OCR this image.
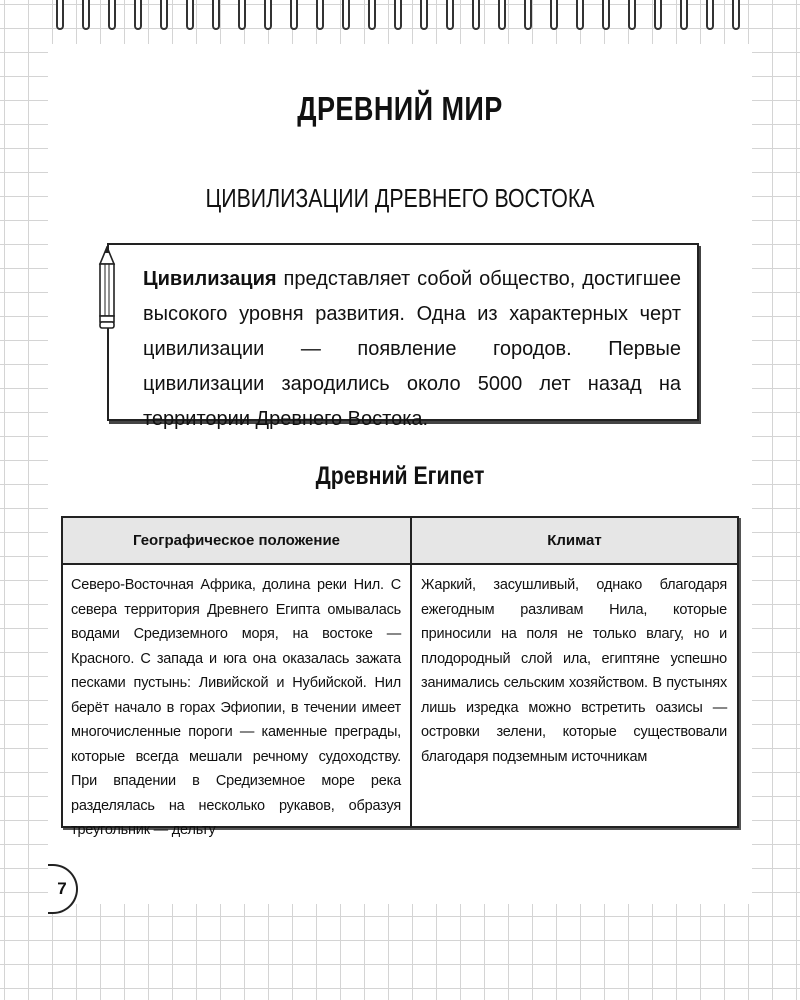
ДРЕВНИЙ МИР
ЦИВИЛИЗАЦИИ ДРЕВНЕГО ВОСТОКА
Цивилизация представляет собой общество, достигшее высокого уровня развития. Одна из характерных черт цивилизации — появление городов. Первые цивилизации зародились около 5000 лет назад на территории Древнего Востока.
Древний Египет
Географическое положение	Климат
Северо-Восточная Африка, долина реки Нил. С севера территория Древнего Египта омывалась водами Средиземного моря, на востоке — Красного. С запада и юга она оказалась зажата песками пустынь: Ливийской и Нубийской. Нил берёт начало в горах Эфиопии, в течении имеет многочисленные пороги — каменные преграды, которые всегда мешали речному судоходству. При впадении в Средиземное море река разделялась на несколько рукавов, образуя треугольник — дельту
Жаркий, засушливый, однако благодаря ежегодным разливам Нила, которые приносили на поля не только влагу, но и плодородный слой ила, египтяне успешно занимались сельским хозяйством. В пустынях лишь изредка можно встретить оазисы — островки зелени, которые существовали благодаря подземным источникам
7
